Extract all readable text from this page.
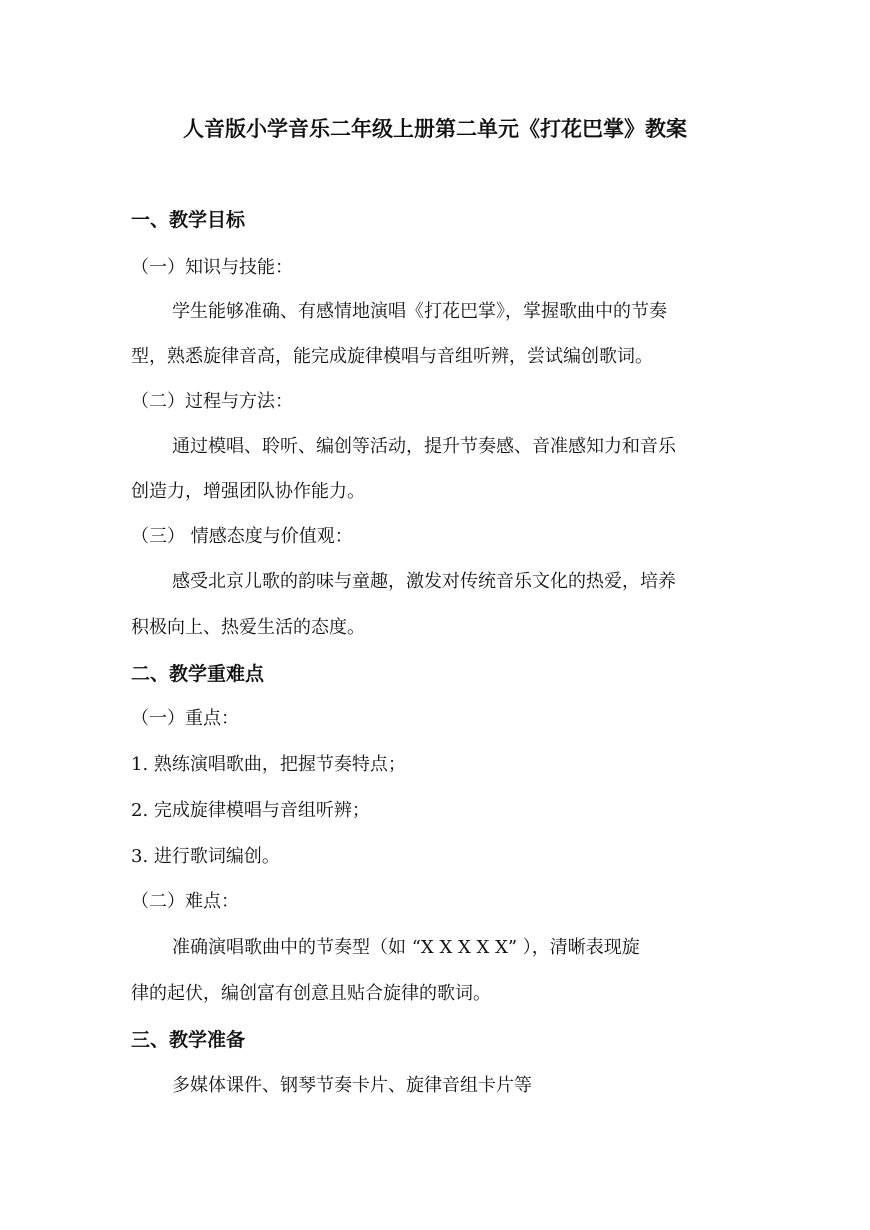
人音版小学音乐二年级上册第二单元《打花巴掌》教案
一、教学目标
（一）知识与技能：
学生能够准确、有感情地演唱《打花巴掌》，掌握歌曲中的节奏
型，熟悉旋律音高，能完成旋律模唱与音组听辨，尝试编创歌词。
（二）过程与方法：
通过模唱、聆听、编创等活动，提升节奏感、音准感知力和音乐
创造力，增强团队协作能力。
（三） 情感态度与价值观：
感受北京儿歌的韵味与童趣，激发对传统音乐文化的热爱，培养
积极向上、热爱生活的态度。
二、教学重难点
（一）重点：
1. 熟练演唱歌曲，把握节奏特点；
2. 完成旋律模唱与音组听辨；
3. 进行歌词编创。
（二）难点：
准确演唱歌曲中的节奏型（如 “X X X X X” ），清晰表现旋
律的起伏，编创富有创意且贴合旋律的歌词。
三、教学准备
多媒体课件、钢琴节奏卡片、旋律音组卡片等
